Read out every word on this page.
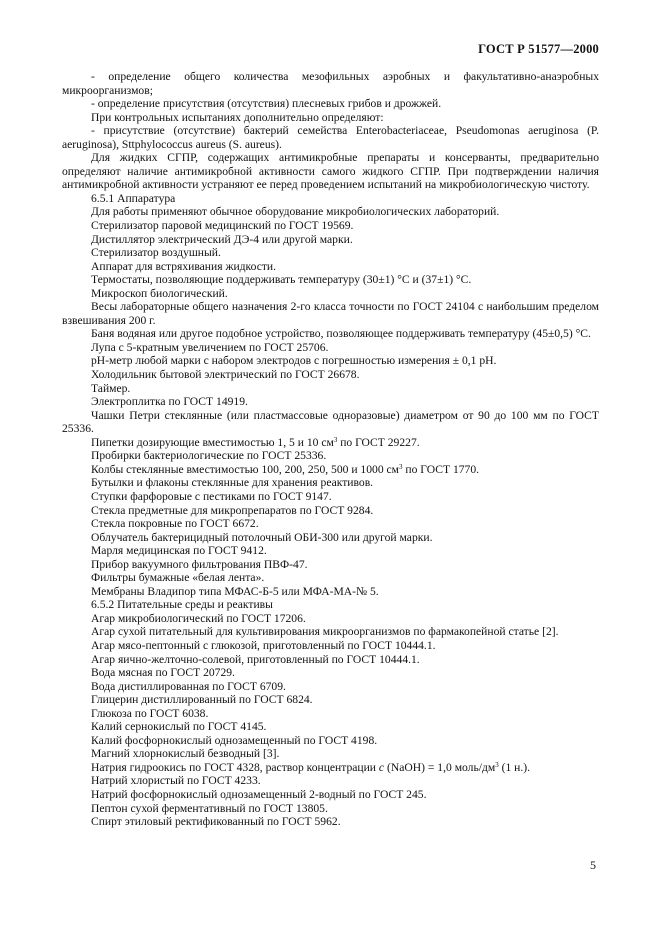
ГОСТ Р 51577—2000

- определение общего количества мезофильных аэробных и факультативно-анаэробных микроорганизмов;

- определение присутствия (отсутствия) плесневых грибов и дрожжей.

При контрольных испытаниях дополнительно определяют:

- присутствие (отсутствие) бактерий семейства Enterobacteriaceae, Pseudomonas aeruginosa (P. aeruginosa), Sttphylococcus aureus (S. aureus).

Для жидких СГПР, содержащих антимикробные препараты и консерванты, предварительно определяют наличие антимикробной активности самого жидкого СГПР. При подтверждении наличия антимикробной активности устраняют ее перед проведением испытаний на микробиологическую чистоту.

6.5.1 Аппаратура

Для работы применяют обычное оборудование микробиологических лабораторий.

Стерилизатор паровой медицинский по ГОСТ 19569.

Дистиллятор электрический ДЭ-4 или другой марки.

Стерилизатор воздушный.

Аппарат для встряхивания жидкости.

Термостаты, позволяющие поддерживать температуру (30±1) °С и (37±1) °С.

Микроскоп биологический.

Весы лабораторные общего назначения 2-го класса точности по ГОСТ 24104 с наибольшим пределом взвешивания 200 г.

Баня водяная или другое подобное устройство, позволяющее поддерживать температуру (45±0,5) °С.

Лупа с 5-кратным увеличением по ГОСТ 25706.

рН-метр любой марки с набором электродов с погрешностью измерения ± 0,1 рН.

Холодильник бытовой электрический по ГОСТ 26678.

Таймер.

Электроплитка по ГОСТ 14919.

Чашки Петри стеклянные (или пластмассовые одноразовые) диаметром от 90 до 100 мм по ГОСТ 25336.

Пипетки дозирующие вместимостью 1, 5 и 10 $см^3$ по ГОСТ 29227.

Пробирки бактериологические по ГОСТ 25336.

Колбы стеклянные вместимостью 100, 200, 250, 500 и 1000 $см^3$ по ГОСТ 1770.

Бутылки и флаконы стеклянные для хранения реактивов.

Ступки фарфоровые с пестиками по ГОСТ 9147.

Стекла предметные для микропрепаратов по ГОСТ 9284.

Стекла покровные по ГОСТ 6672.

Облучатель бактерицидный потолочный ОБИ-300 или другой марки.

Марля медицинская по ГОСТ 9412.

Прибор вакуумного фильтрования ПВФ-47.

Фильтры бумажные «белая лента».

Мембраны Владипор типа МФАС-Б-5 или МФА-МА-№ 5.

6.5.2 Питательные среды и реактивы

Агар микробиологический по ГОСТ 17206.

Агар сухой питательный для культивирования микроорганизмов по фармакопейной статье [2].

Агар мясо-пептонный с глюкозой, приготовленный по ГОСТ 10444.1.

Агар яично-желточно-солевой, приготовленный по ГОСТ 10444.1.

Вода мясная по ГОСТ 20729.

Вода дистиллированная по ГОСТ 6709.

Глицерин дистиллированный по ГОСТ 6824.

Глюкоза по ГОСТ 6038.

Калий сернокислый по ГОСТ 4145.

Калий фосфорнокислый однозамещенный по ГОСТ 4198.

Магний хлорнокислый безводный [3].

Натрия гидроокись по ГОСТ 4328, раствор концентрации c (NaOH) = 1,0 моль/$дм^3$ (1 н.).

Натрий хлористый по ГОСТ 4233.

Натрий фосфорнокислый однозамещенный 2-водный по ГОСТ 245.

Пептон сухой ферментативный по ГОСТ 13805.

Спирт этиловый ректификованный по ГОСТ 5962.

5
